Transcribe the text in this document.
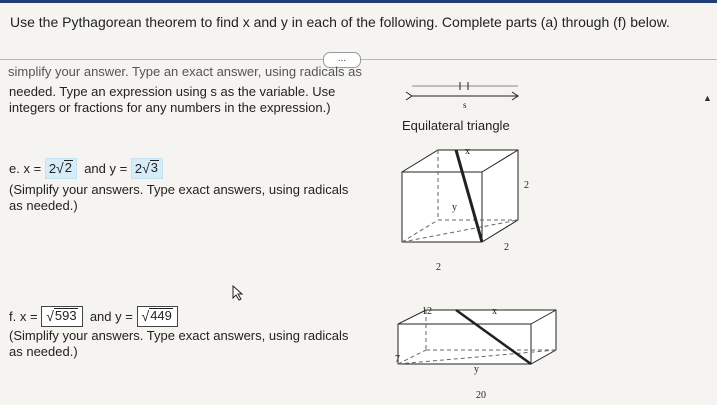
Use the Pythagorean theorem to find x and y in each of the following. Complete parts (a) through (f) below.
...
▲
$^{simplify your answer. Type an exact answer, using radicals as}$
needed. Type an expression using s as the variable. Use
integers or fractions for any numbers in the expression.)	s
Equilateral triangle
e. x = 2 √ 2 and y = 2 √ 3
(Simplify your answers. Type exact answers, using radicals
as needed.)
x
2
y
2
2
f. x = √ 593 and y = √ 449
(Simplify your answers. Type exact answers, using radicals
as needed.)
12	x
7
y
20
